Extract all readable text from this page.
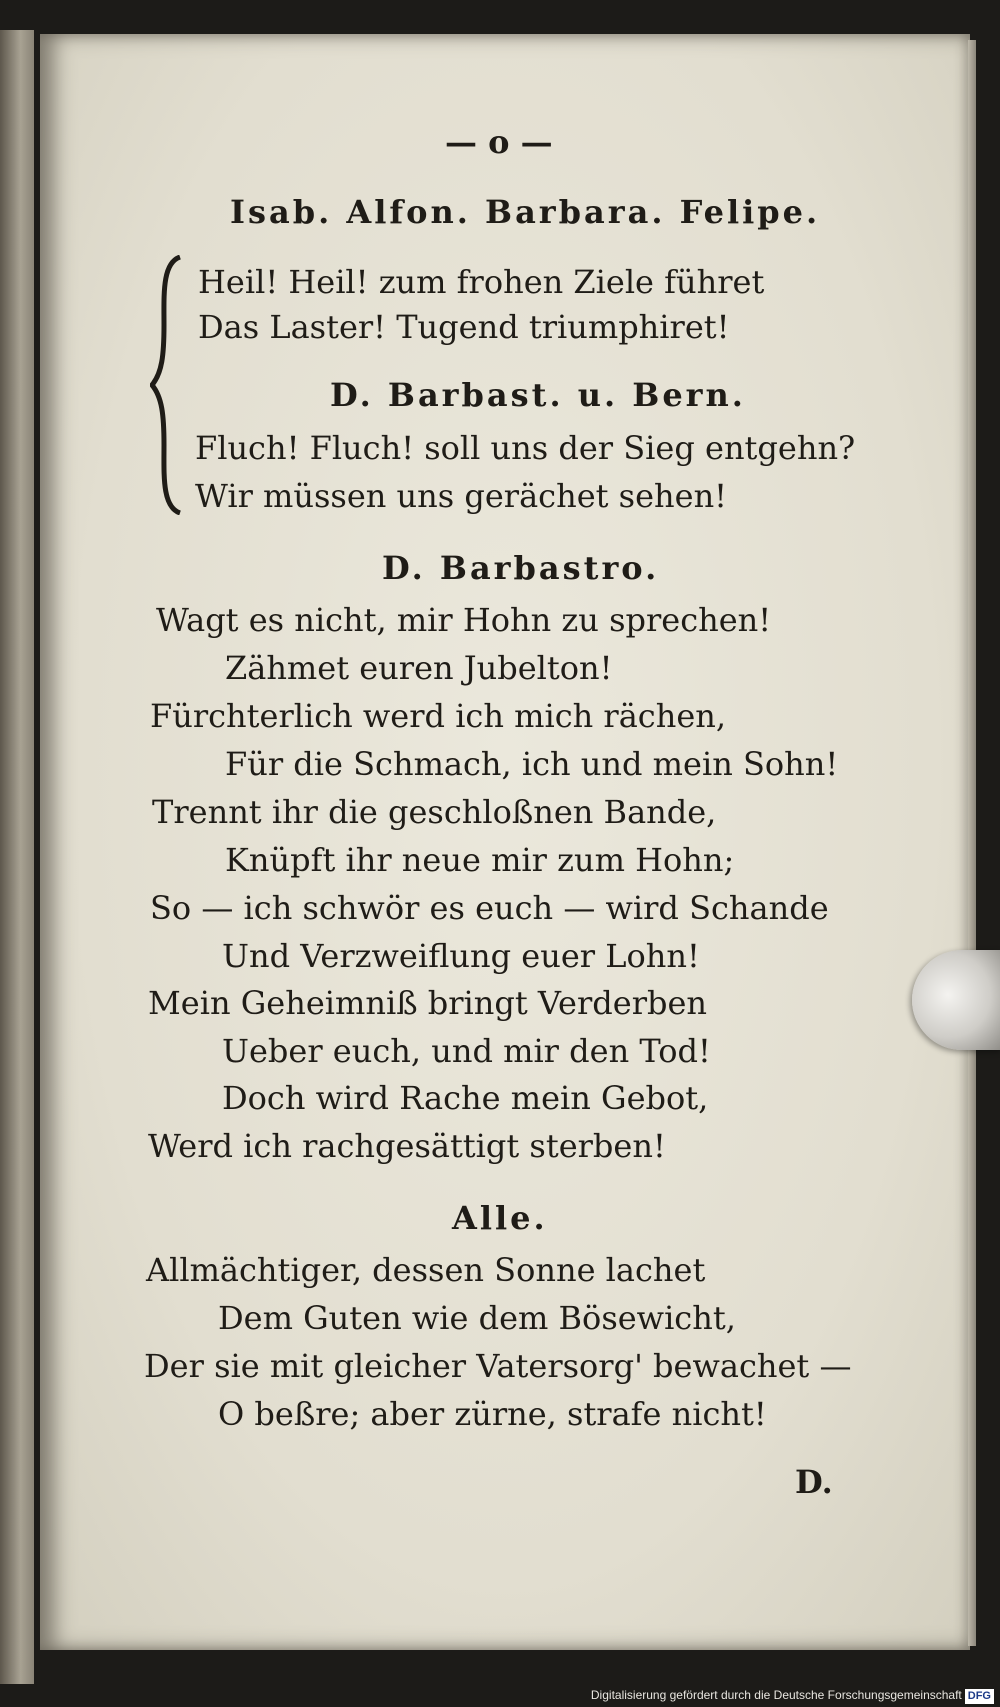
— o —
Isab. Alfon. Barbara. Felipe.
Heil! Heil! zum frohen Ziele führet
Das Laster! Tugend triumphiret!
D. Barbast. u. Bern.
Fluch! Fluch! soll uns der Sieg entgehn?
Wir müssen uns gerächet sehen!
D. Barbastro.
Wagt es nicht, mir Hohn zu sprechen!
Zähmet euren Jubelton!
Fürchterlich werd ich mich rächen,
Für die Schmach, ich und mein Sohn!
Trennt ihr die geschloßnen Bande,
Knüpft ihr neue mir zum Hohn;
So — ich schwör es euch — wird Schande
Und Verzweiflung euer Lohn!
Mein Geheimniß bringt Verderben
Ueber euch, und mir den Tod!
Doch wird Rache mein Gebot,
Werd ich rachgesättigt sterben!
Alle.
Allmächtiger, dessen Sonne lachet
Dem Guten wie dem Bösewicht,
Der sie mit gleicher Vatersorg' bewachet —
O beßre; aber zürne, strafe nicht!
D.
Digitalisierung gefördert durch die Deutsche Forschungsgemeinschaft DFG
